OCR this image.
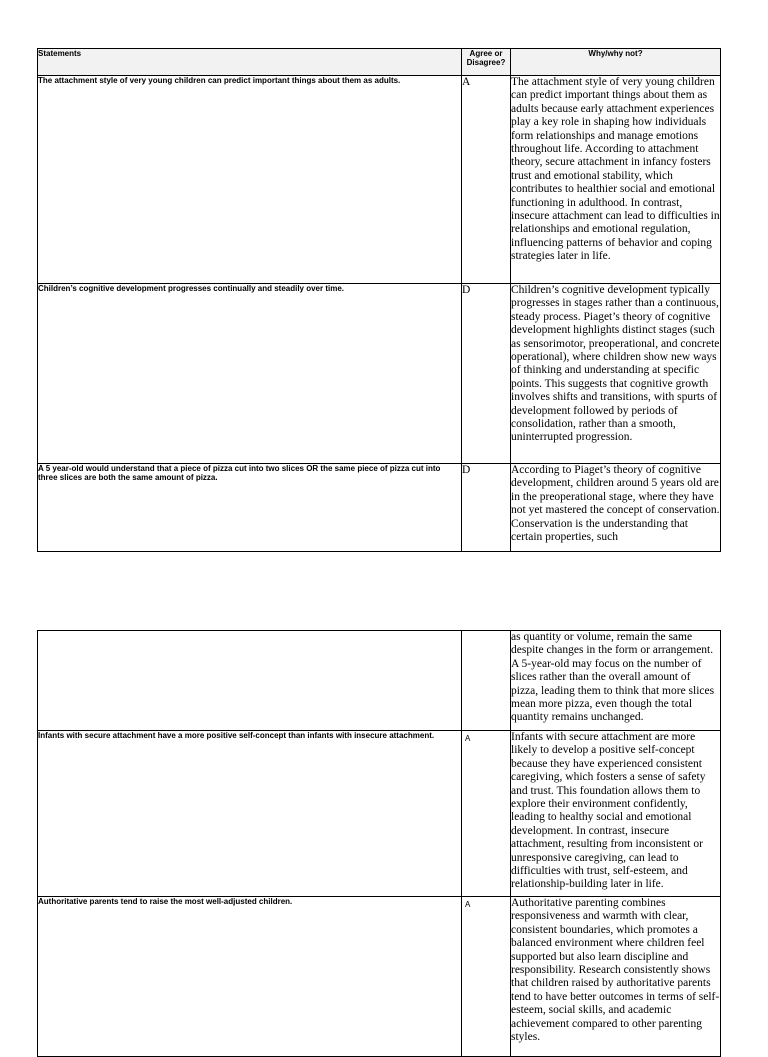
Statements	Agree or Disagree?	Why/why not?
The attachment style of very young children can predict important things about them as adults.	A	The attachment style of very young children can predict important things about them as adults because early attachment experiences play a key role in shaping how individuals form relationships and manage emotions throughout life. According to attachment theory, secure attachment in infancy fosters trust and emotional stability, which contributes to healthier social and emotional functioning in adulthood. In contrast, insecure attachment can lead to difficulties in relationships and emotional regulation, influencing patterns of behavior and coping strategies later in life.
Children’s cognitive development progresses continually and steadily over time.	D	Children’s cognitive development typically progresses in stages rather than a continuous, steady process. Piaget’s theory of cognitive development highlights distinct stages (such as sensorimotor, preoperational, and concrete operational), where children show new ways of thinking and understanding at specific points. This suggests that cognitive growth involves shifts and transitions, with spurts of development followed by periods of consolidation, rather than a smooth, uninterrupted progression.
A 5 year-old would understand that a piece of pizza cut into two slices OR the same piece of pizza cut into three slices are both the same amount of pizza.	D	According to Piaget’s theory of cognitive development, children around 5 years old are in the preoperational stage, where they have not yet mastered the concept of conservation. Conservation is the understanding that certain properties, such
		as quantity or volume, remain the same despite changes in the form or arrangement. A 5-year-old may focus on the number of slices rather than the overall amount of pizza, leading them to think that more slices mean more pizza, even though the total quantity remains unchanged.
Infants with secure attachment have a more positive self-concept than infants with insecure attachment.	A	Infants with secure attachment are more likely to develop a positive self-concept because they have experienced consistent caregiving, which fosters a sense of safety and trust. This foundation allows them to explore their environment confidently, leading to healthy social and emotional development. In contrast, insecure attachment, resulting from inconsistent or unresponsive caregiving, can lead to difficulties with trust, self-esteem, and relationship-building later in life.
Authoritative parents tend to raise the most well-adjusted children.	A	Authoritative parenting combines responsiveness and warmth with clear, consistent boundaries, which promotes a balanced environment where children feel supported but also learn discipline and responsibility. Research consistently shows that children raised by authoritative parents tend to have better outcomes in terms of self-esteem, social skills, and academic achievement compared to other parenting styles.
